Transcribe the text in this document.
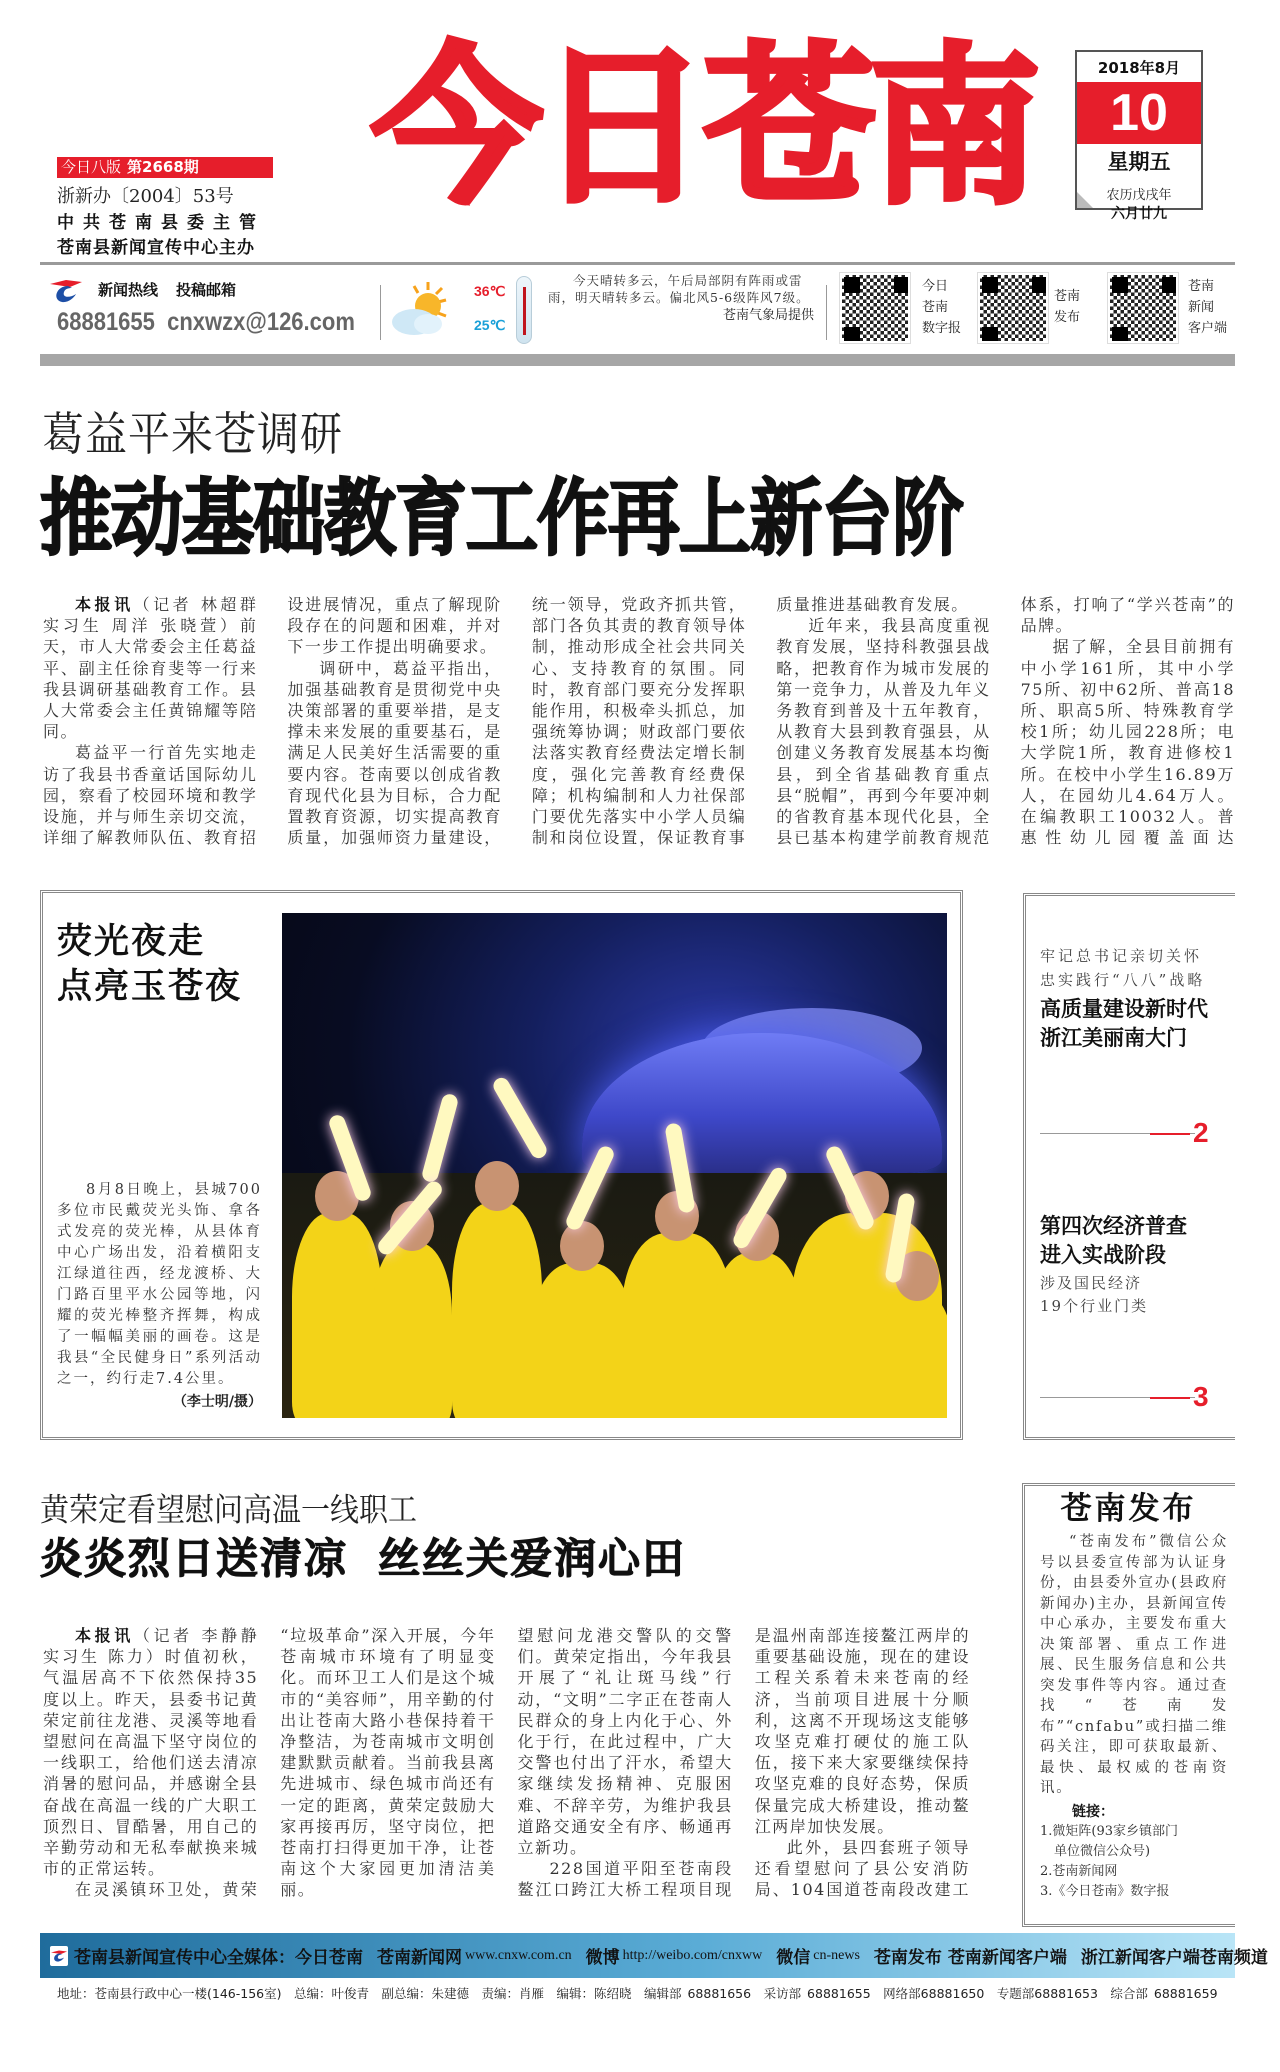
今日八版 第2668期
浙新办〔2004〕53号
中共苍南县委主管
苍南县新闻宣传中心主办
今日苍南	2018年8月
10
星期五
农历戊戌年
六月廿九
新闻热线 投稿邮箱
68881655 cnxwzx@126.com
36℃
25℃
今天晴转多云，午后局部阴有阵雨或雷雨，明天晴转多云。偏北风5-6级阵风7级。
苍南气象局提供
今日
苍南
数字报
苍南
发布
苍南
新闻
客户端
葛益平来苍调研
推动基础教育工作再上新台阶

本报讯（记者 林超群 实习生 周洋 张晓萱）前天，市人大常委会主任葛益平、副主任徐育斐等一行来我县调研基础教育工作。县人大常委会主任黄锦耀等陪同。

葛益平一行首先实地走访了我县书香童话国际幼儿园，察看了校园环境和教学设施，并与师生亲切交流，详细了解教师队伍、教育招

设进展情况，重点了解现阶段存在的问题和困难，并对下一步工作提出明确要求。

调研中，葛益平指出，加强基础教育是贯彻党中央决策部署的重要举措，是支撑未来发展的重要基石，是满足人民美好生活需要的重要内容。苍南要以创成省教育现代化县为目标，合力配置教育资源，切实提高教育质量，加强师资力量建设，

统一领导，党政齐抓共管，部门各负其责的教育领导体制，推动形成全社会共同关心、支持教育的氛围。同时，教育部门要充分发挥职能作用，积极牵头抓总，加强统筹协调；财政部门要依法落实教育经费法定增长制度，强化完善教育经费保障；机构编制和人力社保部门要优先落实中小学人员编制和岗位设置，保证教育事

质量推进基础教育发展。

近年来，我县高度重视教育发展，坚持科教强县战略，把教育作为城市发展的第一竞争力，从普及九年义务教育到普及十五年教育，从教育大县到教育强县，从创建义务教育发展基本均衡县，到全省基础教育重点县“脱帽”，再到今年要冲刺的省教育基本现代化县，全县已基本构建学前教育规范

体系，打响了“学兴苍南”的品牌。

据了解，全县目前拥有中小学161所，其中小学75所、初中62所、普高18所、职高5所、特殊教育学校1所；幼儿园228所；电大学院1所，教育进修校1所。在校中小学生16.89万人，在园幼儿4.64万人。在编教职工10032人。普惠性幼儿园覆盖面达

荧光夜走
点亮玉苍夜
8月8日晚上，县城700多位市民戴荧光头饰、拿各式发亮的荧光棒，从县体育中心广场出发，沿着横阳支江绿道往西，经龙渡桥、大门路百里平水公园等地，闪耀的荧光棒整齐挥舞，构成了一幅幅美丽的画卷。这是我县“全民健身日”系列活动之一，约行走7.4公里。
（李士明/摄）
牢记总书记亲切关怀
忠实践行“八八”战略
高质量建设新时代
浙江美丽南大门
2
第四次经济普查
进入实战阶段
涉及国民经济
19个行业门类
3
黄荣定看望慰问高温一线职工
炎炎烈日送清凉 丝丝关爱润心田

本报讯（记者 李静静 实习生 陈力）时值初秋，气温居高不下依然保持35度以上。昨天，县委书记黄荣定前往龙港、灵溪等地看望慰问在高温下坚守岗位的一线职工，给他们送去清凉消暑的慰问品，并感谢全县奋战在高温一线的广大职工顶烈日、冒酷暑，用自己的辛勤劳动和无私奉献换来城市的正常运转。

在灵溪镇环卫处，黄荣

“垃圾革命”深入开展，今年苍南城市环境有了明显变化。而环卫工人们是这个城市的“美容师”，用辛勤的付出让苍南大路小巷保持着干净整洁，为苍南城市文明创建默默贡献着。当前我县离先进城市、绿色城市尚还有一定的距离，黄荣定鼓励大家再接再厉，坚守岗位，把苍南打扫得更加干净，让苍南这个大家园更加清洁美丽。

望慰问龙港交警队的交警们。黄荣定指出，今年我县开展了“礼让斑马线”行动，“文明”二字正在苍南人民群众的身上内化于心、外化于行，在此过程中，广大交警也付出了汗水，希望大家继续发扬精神、克服困难、不辞辛劳，为维护我县道路交通安全有序、畅通再立新功。

228国道平阳至苍南段鳌江口跨江大桥工程项目现

是温州南部连接鳌江两岸的重要基础设施，现在的建设工程关系着未来苍南的经济，当前项目进展十分顺利，这离不开现场这支能够攻坚克难打硬仗的施工队伍，接下来大家要继续保持攻坚克难的良好态势，保质保量完成大桥建设，推动鳌江两岸加快发展。

此外，县四套班子领导还看望慰问了县公安消防局、104国道苍南段改建工

苍南发布
“苍南发布”微信公众号以县委宣传部为认证身份，由县委外宣办(县政府新闻办)主办，县新闻宣传中心承办，主要发布重大决策部署、重点工作进展、民生服务信息和公共突发事件等内容。通过查找“苍南发布”“cnfabu”或扫描二维码关注，即可获取最新、最快、最权威的苍南资讯。
链接：
1.微矩阵(93家乡镇部门
单位微信公众号)
2.苍南新闻网
3.《今日苍南》数字报
苍南县新闻宣传中心全媒体：今日苍南 苍南新闻网 www.cnxw.com.cn 微博 http://weibo.com/cnxww 微信 cn-news 苍南发布 苍南新闻客户端 浙江新闻客户端苍南频道
地址：苍南县行政中心一楼(146-156室)　总编：叶俊青　副总编：朱建德　责编：肖雁　编辑：陈绍晓　编辑部 68881656　采访部 68881655　网络部68881650　专题部68881653　综合部 68881659
